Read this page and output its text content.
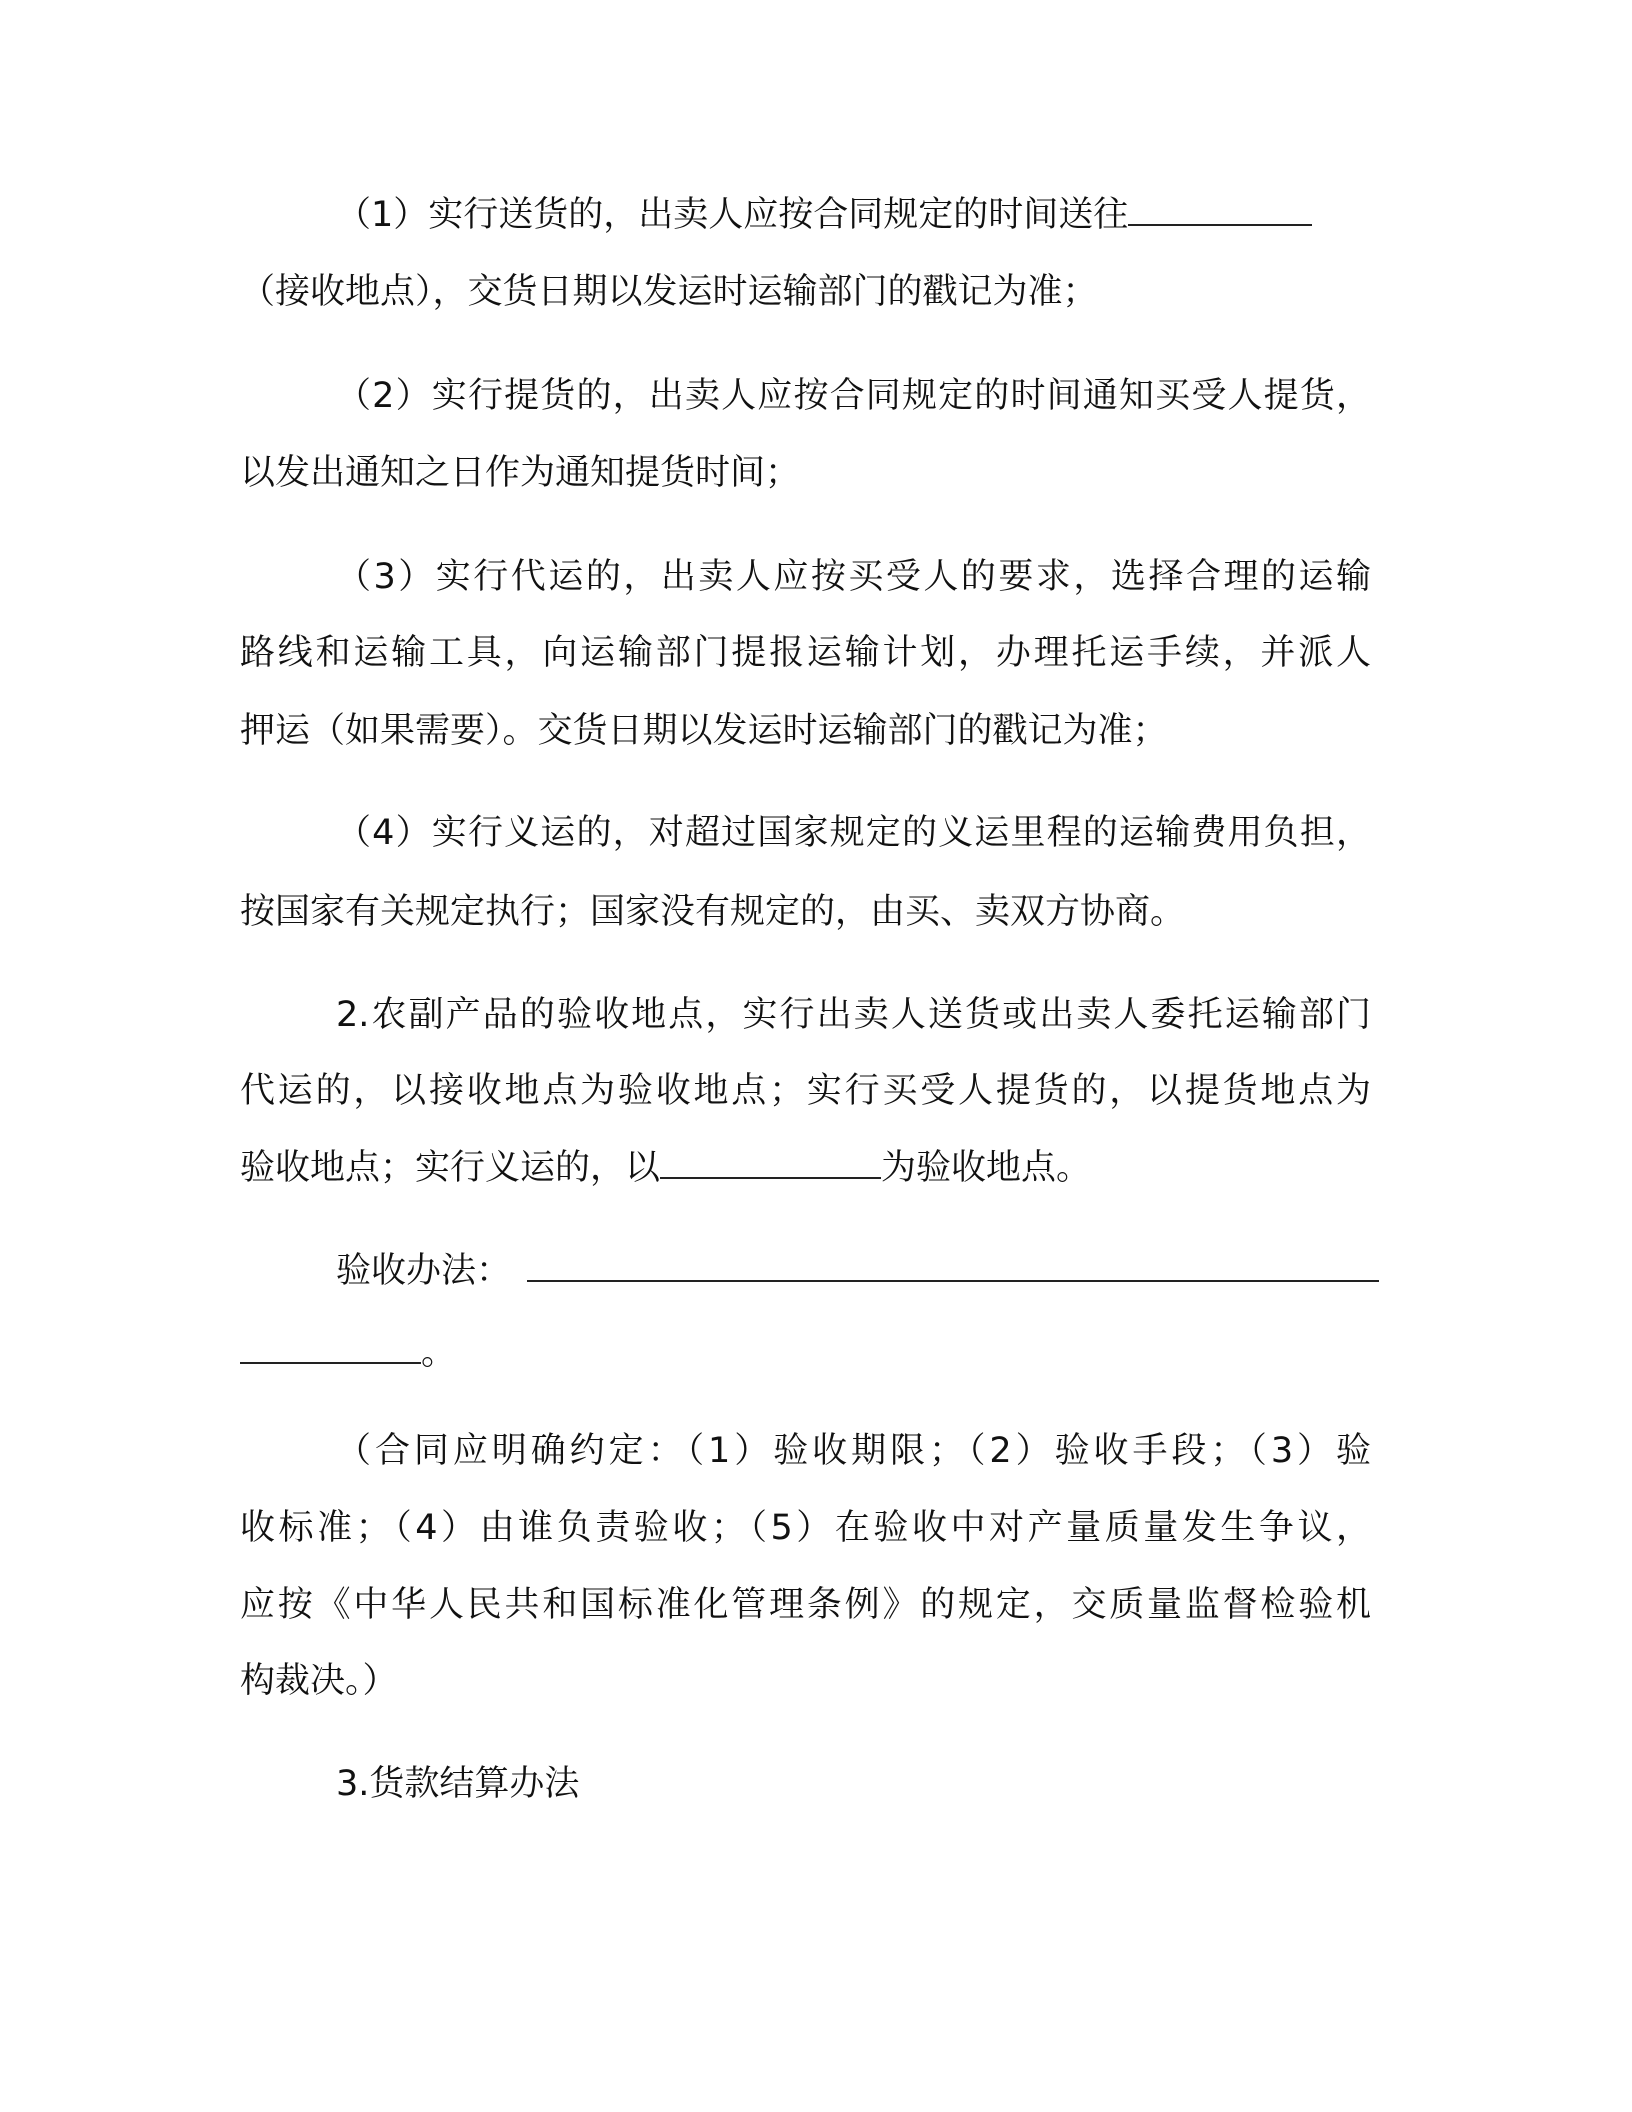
（1）实行送货的，出卖人应按合同规定的时间送往
（接收地点），交货日期以发运时运输部门的戳记为准；
（2）实行提货的，出卖人应按合同规定的时间通知买受人提货，
以发出通知之日作为通知提货时间；
（3）实行代运的，出卖人应按买受人的要求，选择合理的运输
路线和运输工具，向运输部门提报运输计划，办理托运手续，并派人
押运（如果需要）。交货日期以发运时运输部门的戳记为准；
（4）实行义运的，对超过国家规定的义运里程的运输费用负担，
按国家有关规定执行；国家没有规定的，由买、卖双方协商。
2.农副产品的验收地点，实行出卖人送货或出卖人委托运输部门
代运的，以接收地点为验收地点；实行买受人提货的，以提货地点为
验收地点；实行义运的，以	为验收地点。
验收办法：
。
（合同应明确约定：（1）验收期限；（2）验收手段；（3）验
收标准；（4）由谁负责验收；（5）在验收中对产量质量发生争议，
应按《中华人民共和国标准化管理条例》的规定，交质量监督检验机
构裁决。）
3.货款结算办法
